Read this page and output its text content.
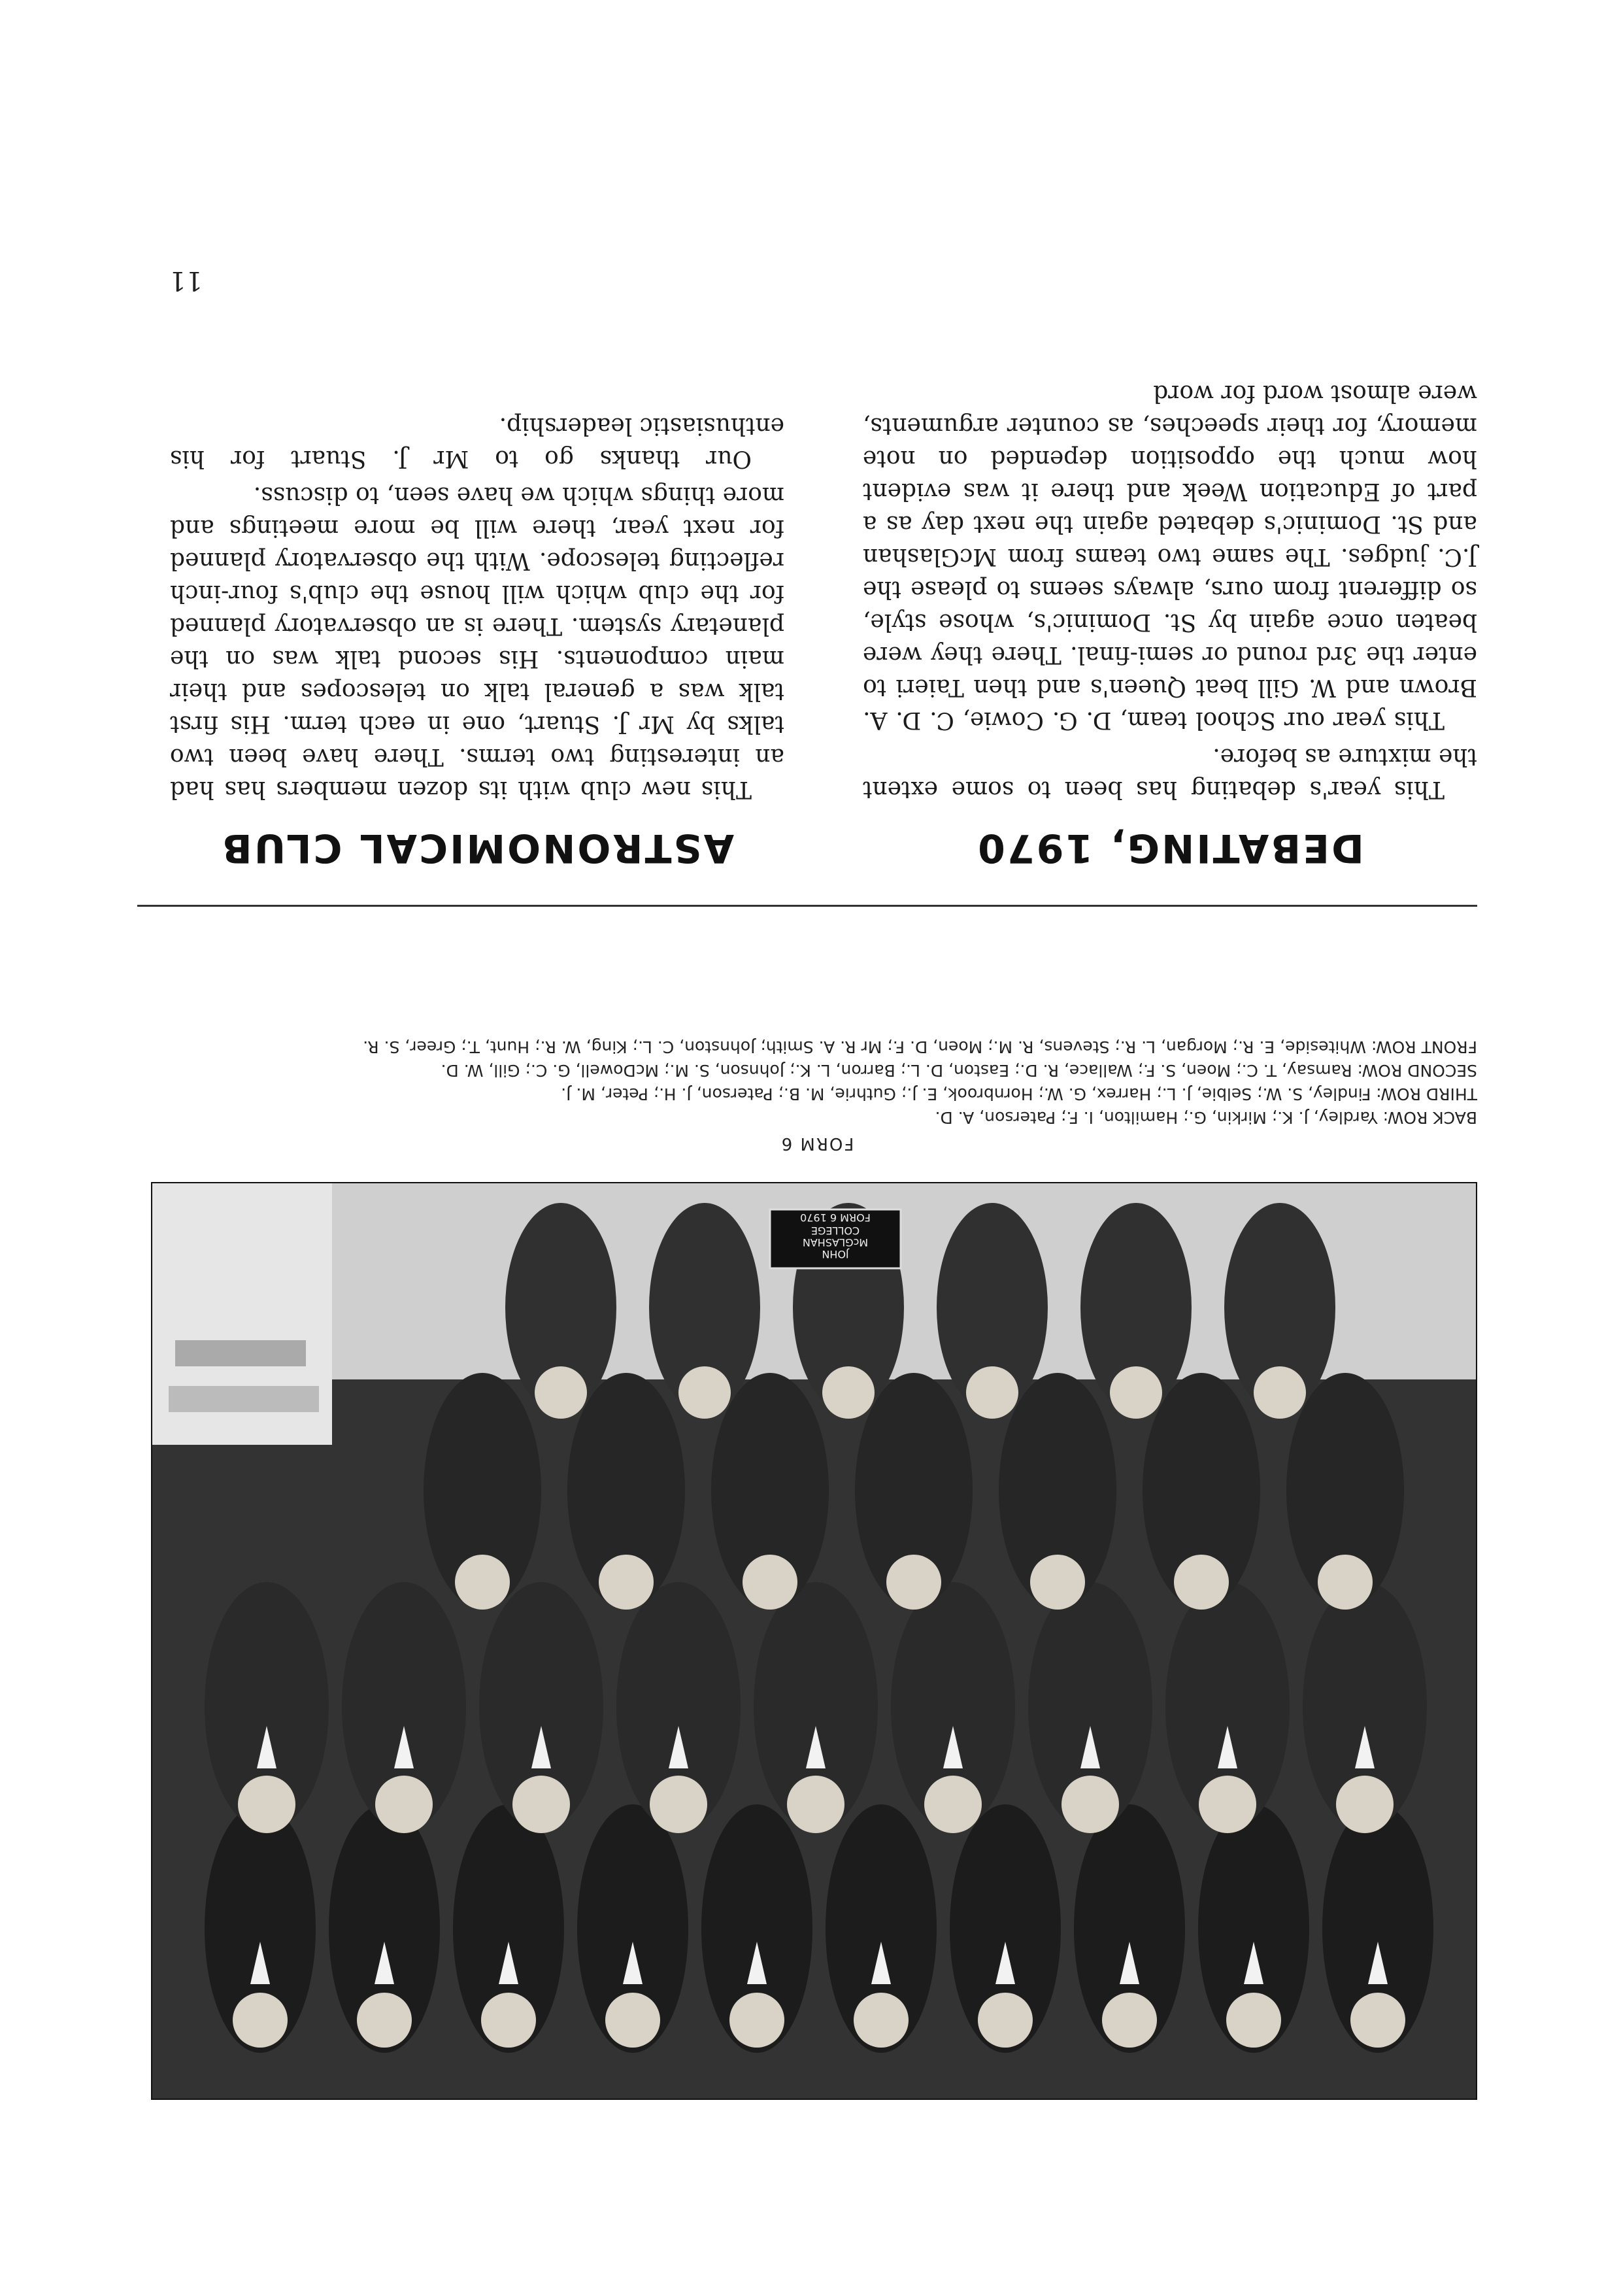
JOHN
McGLASHAN
COLLEGE
FORM 6 1970
FORM 6
BACK ROW: Yardley, J. K.; Mirkin, G.; Hamilton, I. F.; Paterson, A. D.
THIRD ROW: Findley, S. W.; Selbie, J. L.; Harrex, G. W.; Hornbrook, E. J.; Guthrie, M. B.; Paterson, J. H.; Peter, M. J.
SECOND ROW: Ramsay, T. C.; Moen, S. F.; Wallace, R. D.; Easton, D. L.; Barron, L. K.; Johnson, S. M.; McDowell, G. C.; Gill, W. D.
FRONT ROW: Whiteside, E. R.; Morgan, L. R.; Stevens, R. M.; Moen, D. F.; Mr R. A. Smith; Johnston, C. L.; King, W. R.; Hunt, T.; Greer, S. R.
DEBATING, 1970

This year's debating has been to some extent the mixture as before.

This year our School team, D. G. Cowie, C. D. A. Brown and W. Gill beat Queen's and then Taieri to enter the 3rd round or semi-final. There they were beaten once again by St. Dominic's, whose style, so different from ours, always seems to please the J.C. judges. The same two teams from McGlashan and St. Dominic's debated again the next day as a part of Education Week and there it was evident how much the opposition depended on note memory, for their speeches, as counter arguments, were almost word for word

ASTRONOMICAL CLUB

This new club with its dozen members has had an interesting two terms. There have been two talks by Mr J. Stuart, one in each term. His first talk was a general talk on telescopes and their main components. His second talk was on the planetary system. There is an observatory planned for the club which will house the club's four-inch reflecting telescope. With the observatory planned for next year, there will be more meetings and more things which we have seen, to discuss.

Our thanks go to Mr J. Stuart for his enthusiastic leadership.

11
